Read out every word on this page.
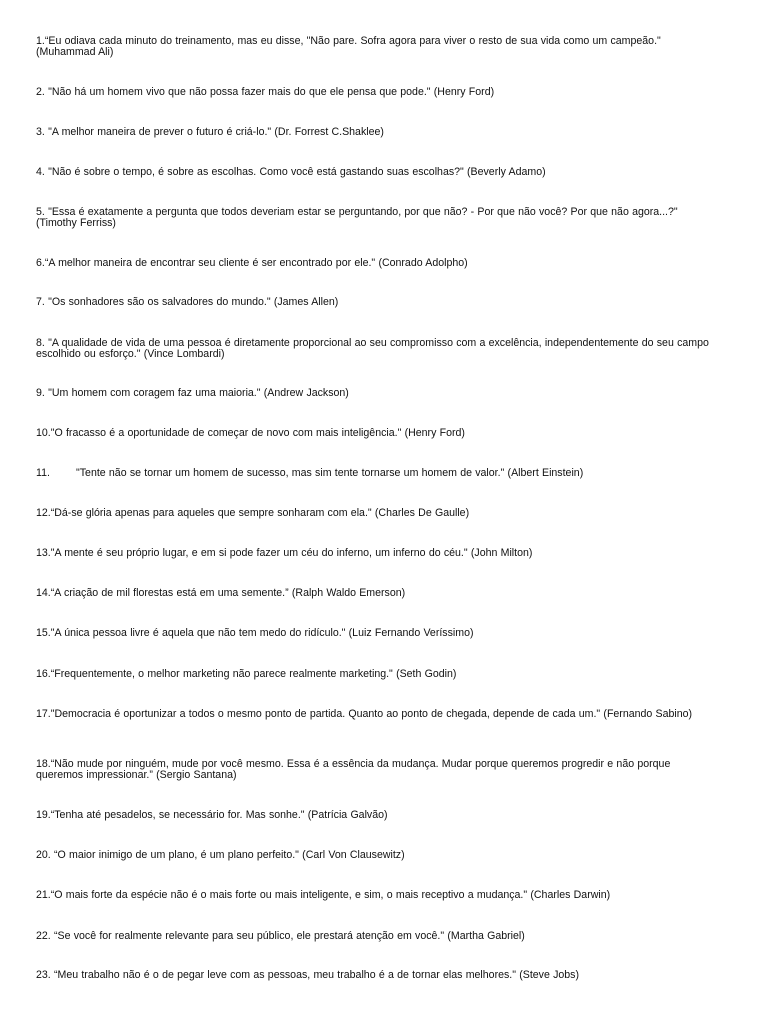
1.“Eu odiava cada minuto do treinamento, mas eu disse, "Não pare. Sofra agora para viver o resto de sua vida como um campeão."(Muhammad Ali)
2. "Não há um homem vivo que não possa fazer mais do que ele pensa que pode." (Henry Ford)
3. "A melhor maneira de prever o futuro é criá-lo." (Dr. Forrest C.Shaklee)
4. "Não é sobre o tempo, é sobre as escolhas. Como você está gastando suas escolhas?" (Beverly Adamo)
5. "Essa é exatamente a pergunta que todos deveriam estar se perguntando, por que não? - Por que não você? Por que não agora...?" (Timothy Ferriss)
6.“A melhor maneira de encontrar seu cliente é ser encontrado por ele." (Conrado Adolpho)
7. "Os sonhadores são os salvadores do mundo." (James Allen)
8. "A qualidade de vida de uma pessoa é diretamente proporcional ao seu compromisso com a excelência, independentemente do seu campo escolhido ou esforço." (Vince Lombardi)
9. "Um homem com coragem faz uma maioria." (Andrew Jackson)
10."O fracasso é a oportunidade de começar de novo com mais inteligência." (Henry Ford)
11. "Tente não se tornar um homem de sucesso, mas sim tente tornarse um homem de valor." (Albert Einstein)
12.“Dá-se glória apenas para aqueles que sempre sonharam com ela." (Charles De Gaulle)
13."A mente é seu próprio lugar, e em si pode fazer um céu do inferno, um inferno do céu." (John Milton)
14.“A criação de mil florestas está em uma semente.” (Ralph Waldo Emerson)
15."A única pessoa livre é aquela que não tem medo do ridículo." (Luiz Fernando Veríssimo)
16.“Frequentemente, o melhor marketing não parece realmente marketing." (Seth Godin)
17."Democracia é oportunizar a todos o mesmo ponto de partida. Quanto ao ponto de chegada, depende de cada um." (Fernando Sabino)
18.“Não mude por ninguém, mude por você mesmo. Essa é a essência da mudança. Mudar porque queremos progredir e não porque queremos impressionar.” (Sergio Santana)
19.“Tenha até pesadelos, se necessário for. Mas sonhe." (Patrícia Galvão)
20. “O maior inimigo de um plano, é um plano perfeito." (Carl Von Clausewitz)
21.“O mais forte da espécie não é o mais forte ou mais inteligente, e sim, o mais receptivo a mudança." (Charles Darwin)
22. “Se você for realmente relevante para seu público, ele prestará atenção em você." (Martha Gabriel)
23. “Meu trabalho não é o de pegar leve com as pessoas, meu trabalho é a de tornar elas melhores." (Steve Jobs)
